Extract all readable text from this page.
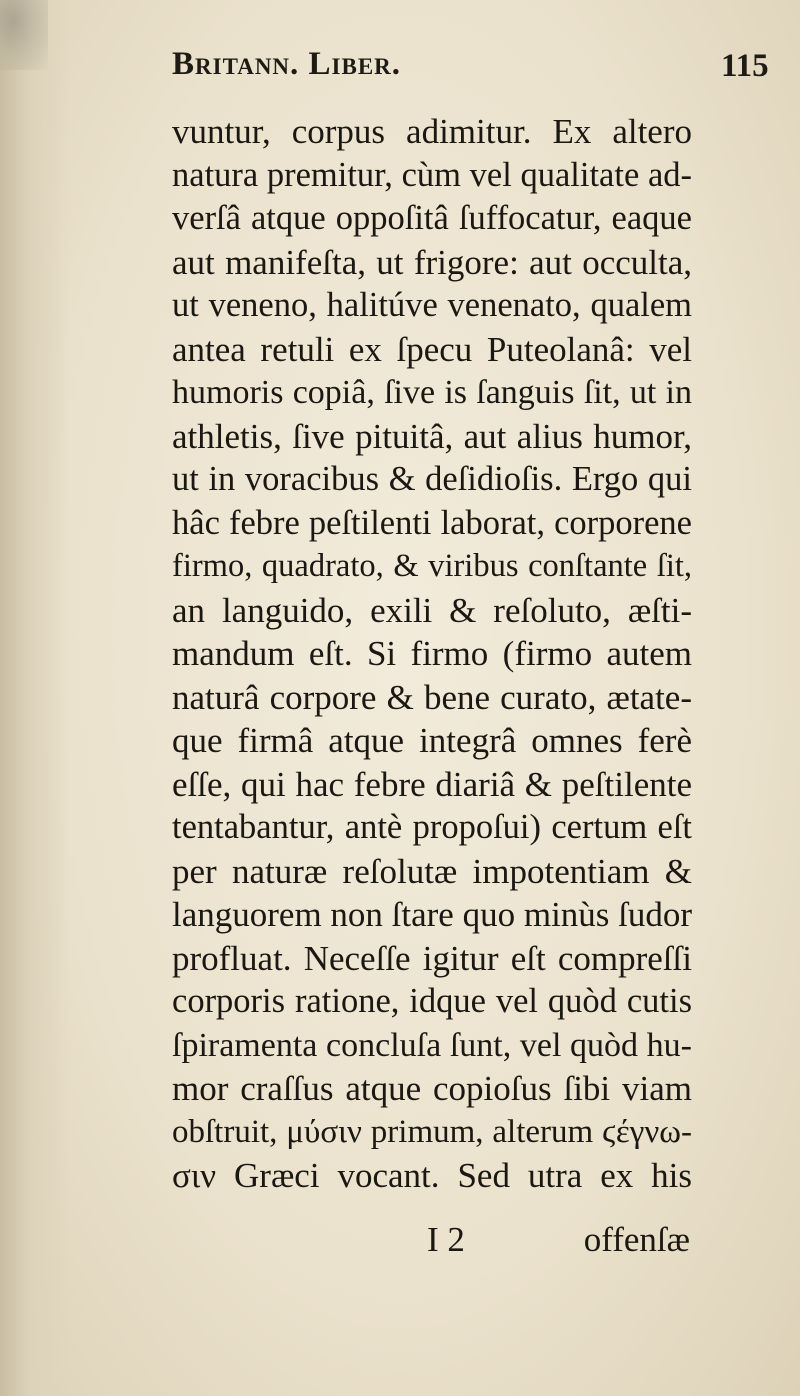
Britann. Liber.	115
vuntur, corpus adimitur. Ex altero
natura premitur, cùm vel qualitate ad-
verſâ atque oppoſitâ ſuffocatur, eaque
aut manifeſta, ut frigore: aut occulta,
ut veneno, halitúve venenato, qualem
antea retuli ex ſpecu Puteolanâ: vel
humoris copiâ, ſive is ſanguis ſit, ut in
athletis, ſive pituitâ, aut alius humor,
ut in voracibus & deſidioſis. Ergo qui
hâc febre peſtilenti laborat, corporene
firmo, quadrato, & viribus conſtante ſit,
an languido, exili & reſoluto, æſti-
mandum eſt. Si firmo (firmo autem
naturâ corpore & bene curato, ætate-
que firmâ atque integrâ omnes ferè
eſſe, qui hac febre diariâ & peſtilente
tentabantur, antè propoſui) certum eſt
per naturæ reſolutæ impotentiam &
languorem non ſtare quo minùs ſudor
profluat. Neceſſe igitur eſt compreſſi
corporis ratione, idque vel quòd cutis
ſpiramenta concluſa ſunt, vel quòd hu-
mor craſſus atque copioſus ſibi viam
obſtruit, μύσιν primum, alterum ϛέγνω-
σιν Græci vocant. Sed utra ex his
I 2	offenſæ
